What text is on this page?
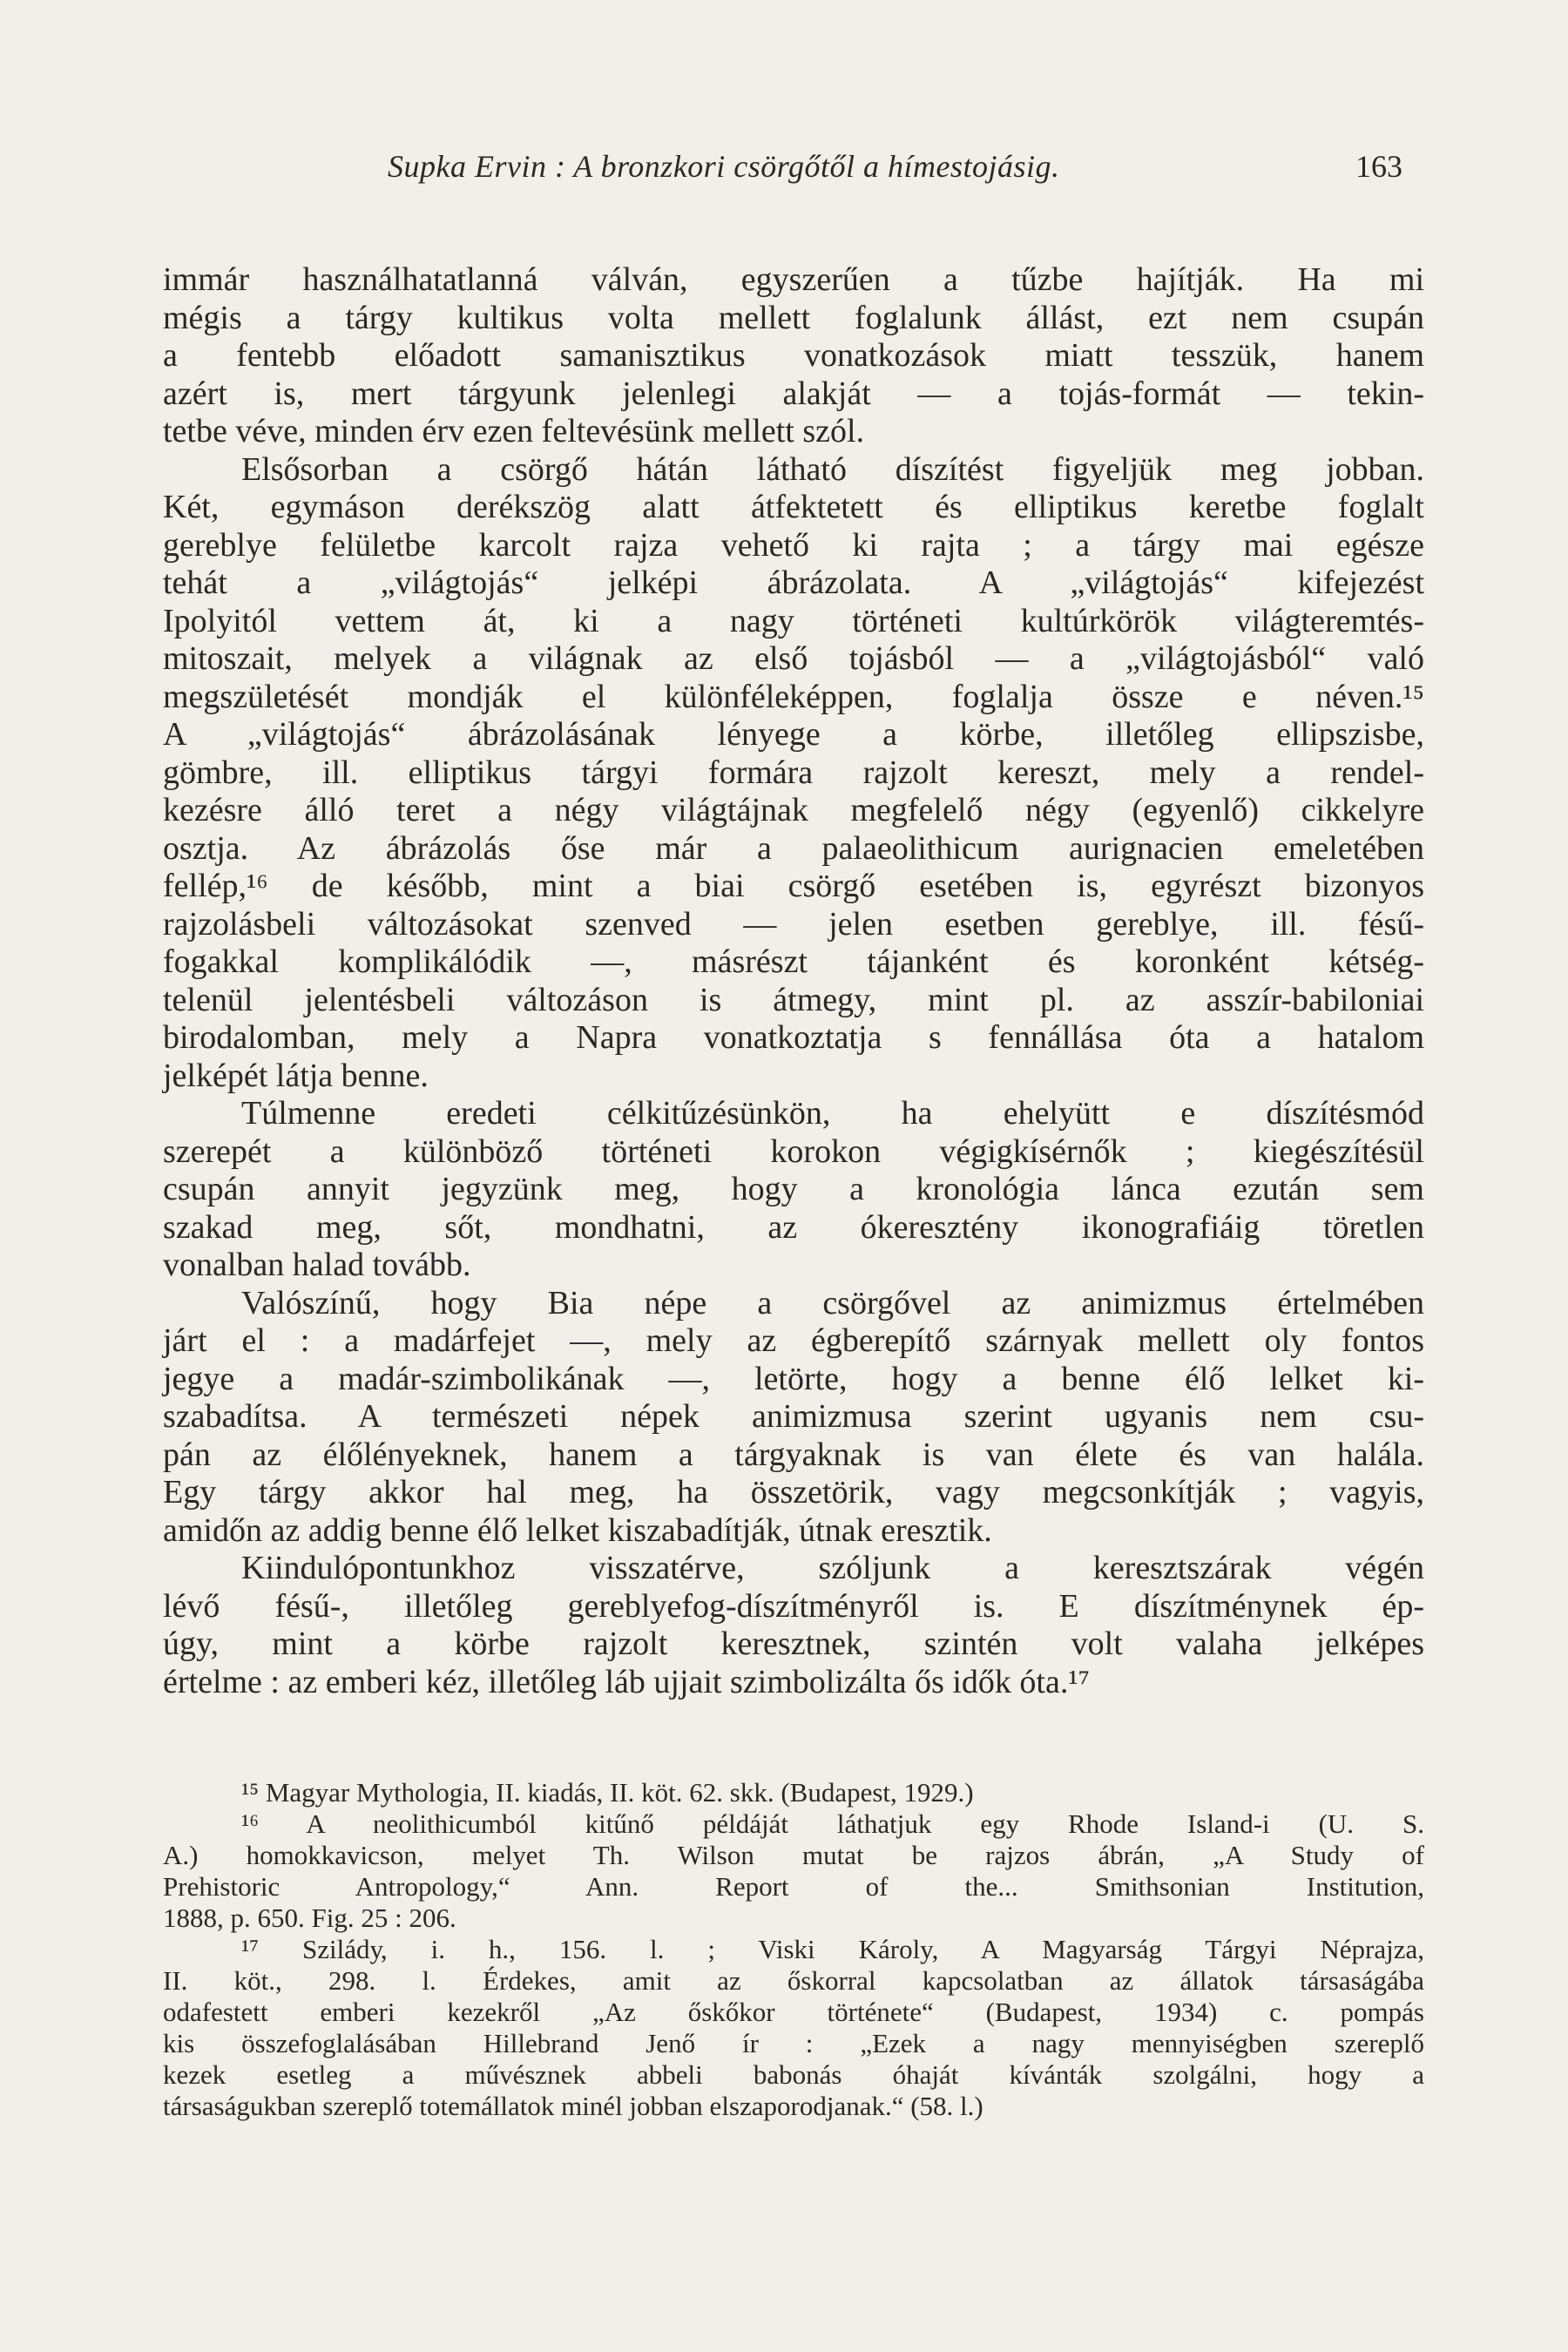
Supka Ervin : A bronzkori csörgőtől a hímestojásig.	163
immár használhatatlanná válván, egyszerűen a tűzbe hajítják. Ha mi
mégis a tárgy kultikus volta mellett foglalunk állást, ezt nem csupán
a fentebb előadott samanisztikus vonatkozások miatt tesszük, hanem
azért is, mert tárgyunk jelenlegi alakját — a tojás-formát — tekin-
tetbe véve, minden érv ezen feltevésünk mellett szól.
Elsősorban a csörgő hátán látható díszítést figyeljük meg jobban.
Két, egymáson derékszög alatt átfektetett és elliptikus keretbe foglalt
gereblye felületbe karcolt rajza vehető ki rajta ; a tárgy mai egésze
tehát a „világtojás“ jelképi ábrázolata. A „világtojás“ kifejezést
Ipolyitól vettem át, ki a nagy történeti kultúrkörök világteremtés-
mitoszait, melyek a világnak az első tojásból — a „világtojásból“ való
megszületését mondják el különféleképpen, foglalja össze e néven.¹⁵
A „világtojás“ ábrázolásának lényege a körbe, illetőleg ellipszisbe,
gömbre, ill. elliptikus tárgyi formára rajzolt kereszt, mely a rendel-
kezésre álló teret a négy világtájnak megfelelő négy (egyenlő) cikkelyre
osztja. Az ábrázolás őse már a palaeolithicum aurignacien emeletében
fellép,¹⁶ de később, mint a biai csörgő esetében is, egyrészt bizonyos
rajzolásbeli változásokat szenved — jelen esetben gereblye, ill. fésű-
fogakkal komplikálódik —, másrészt tájanként és koronként kétség-
telenül jelentésbeli változáson is átmegy, mint pl. az asszír-babiloniai
birodalomban, mely a Napra vonatkoztatja s fennállása óta a hatalom
jelképét látja benne.
Túlmenne eredeti célkitűzésünkön, ha ehelyütt e díszítésmód
szerepét a különböző történeti korokon végigkísérnők ; kiegészítésül
csupán annyit jegyzünk meg, hogy a kronológia lánca ezután sem
szakad meg, sőt, mondhatni, az ókeresztény ikonografiáig töretlen
vonalban halad tovább.
Valószínű, hogy Bia népe a csörgővel az animizmus értelmében
járt el : a madárfejet —, mely az égberepítő szárnyak mellett oly fontos
jegye a madár-szimbolikának —, letörte, hogy a benne élő lelket ki-
szabadítsa. A természeti népek animizmusa szerint ugyanis nem csu-
pán az élőlényeknek, hanem a tárgyaknak is van élete és van halála.
Egy tárgy akkor hal meg, ha összetörik, vagy megcsonkítják ; vagyis,
amidőn az addig benne élő lelket kiszabadítják, útnak eresztik.
Kiindulópontunkhoz visszatérve, szóljunk a keresztszárak végén
lévő fésű-, illetőleg gereblyefog-díszítményről is. E díszítménynek ép-
úgy, mint a körbe rajzolt keresztnek, szintén volt valaha jelképes
értelme : az emberi kéz, illetőleg láb ujjait szimbolizálta ős idők óta.¹⁷
¹⁵ Magyar Mythologia, II. kiadás, II. köt. 62. skk. (Budapest, 1929.)
¹⁶ A neolithicumból kitűnő példáját láthatjuk egy Rhode Island-i (U. S.
A.) homokkavicson, melyet Th. Wilson mutat be rajzos ábrán, „A Study of
Prehistoric Antropology,“ Ann. Report of the... Smithsonian Institution,
1888, p. 650. Fig. 25 : 206.
¹⁷ Sziládу, i. h., 156. l. ; Viski Károly, A Magyarság Tárgyi Néprajza,
II. köt., 298. l. Érdekes, amit az őskorral kapcsolatban az állatok társaságába
odafestett emberi kezekről „Az őskőkor története“ (Budapest, 1934) c. pompás
kis összefoglalásában Hillebrand Jenő ír : „Ezek a nagy mennyiségben szereplő
kezek esetleg a művésznek abbeli babonás óhaját kívánták szolgálni, hogy a
társaságukban szereplő totemállatok minél jobban elszaporodjanak.“ (58. l.)
